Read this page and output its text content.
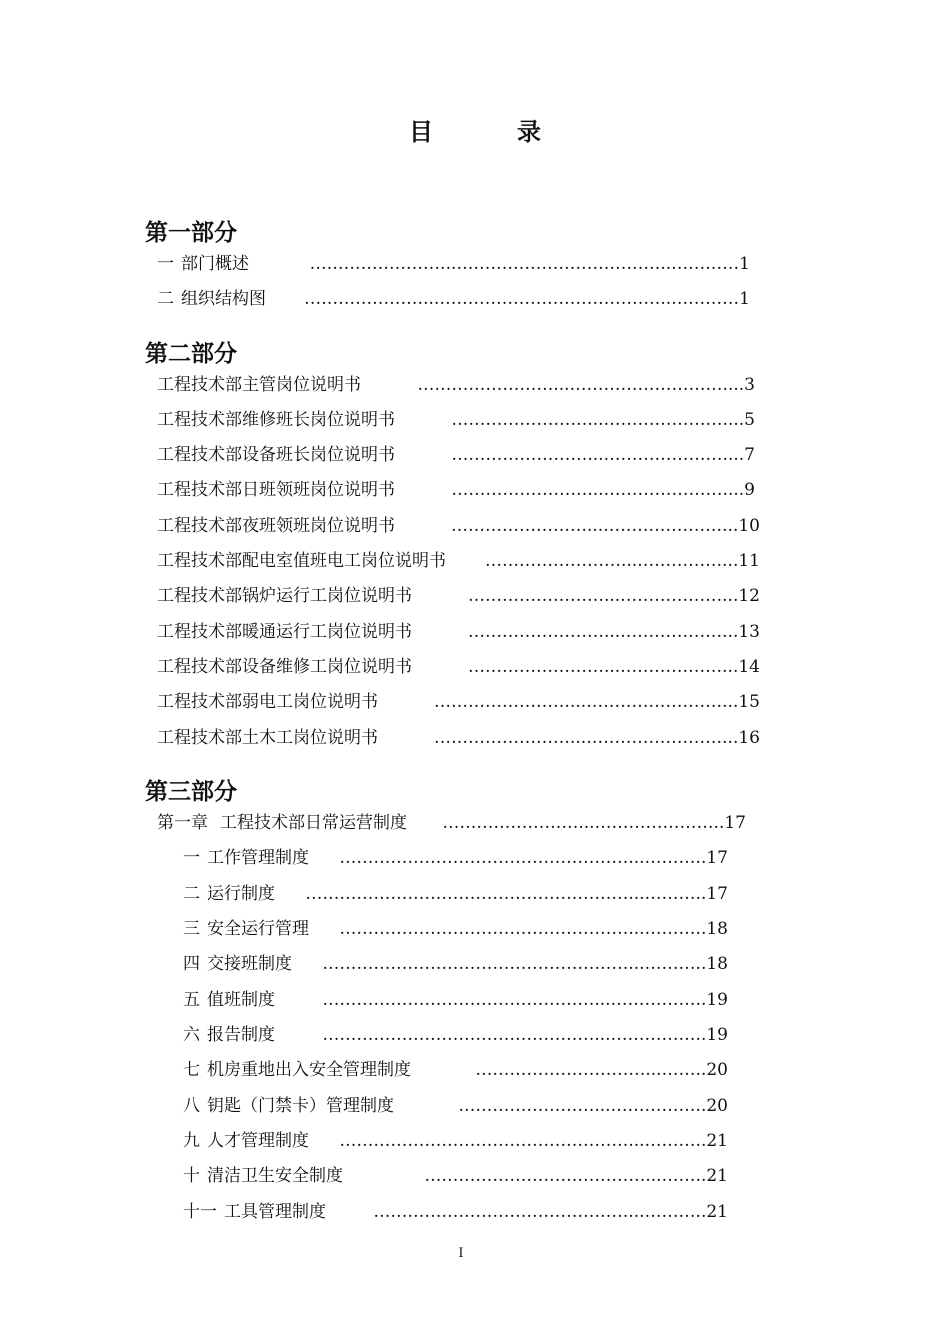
目　录
第一部分
一 部门概述	……………………..………………………………..…………1
二 组织结构图 …………………...…………………………………..…………1
第二部分
工程技术部主管岗位说明书	……………………...………………………....3
工程技术部维修班长岗位说明书	……………………...…………………....5
工程技术部设备班长岗位说明书	……………………...…………………....7
工程技术部日班领班岗位说明书	……………………...…………………....9
工程技术部夜班领班岗位说明书	……………………...…………………...10
工程技术部配电室值班电工岗位说明书 ……………………...……………...11
工程技术部锅炉运行工岗位说明书	……………………...………………...12
工程技术部暖通运行工岗位说明书	……………………...………………...13
工程技术部设备维修工岗位说明书	……………………...………………...14
工程技术部弱电工岗位说明书	……………………...……………………...15
工程技术部土木工岗位说明书	……………………...……………………...16
第三部分
第一章 工程技术部日常运营制度 ……………………...…………………..17
一 工作管理制度 ……………………………………………...………..17
二 运行制度 …………………………………………………...………..17
三 安全运行管理 ……………………………………………...………..18
四 交接班制度 ………………………………………………...………..18
五 值班制度	…………………………………………...……………..19
六 报告制度	…………………………………………...……………..19
七 机房重地出入安全管理制度	…………………………...……..20
八 钥匙（门禁卡）管理制度	……………………...……………..20
九 人才管理制度 ……………………………………………...………..21
十 清洁卫生安全制度	…………………………………...……..21
十一 工具管理制度	………………………………………...………..21
I
